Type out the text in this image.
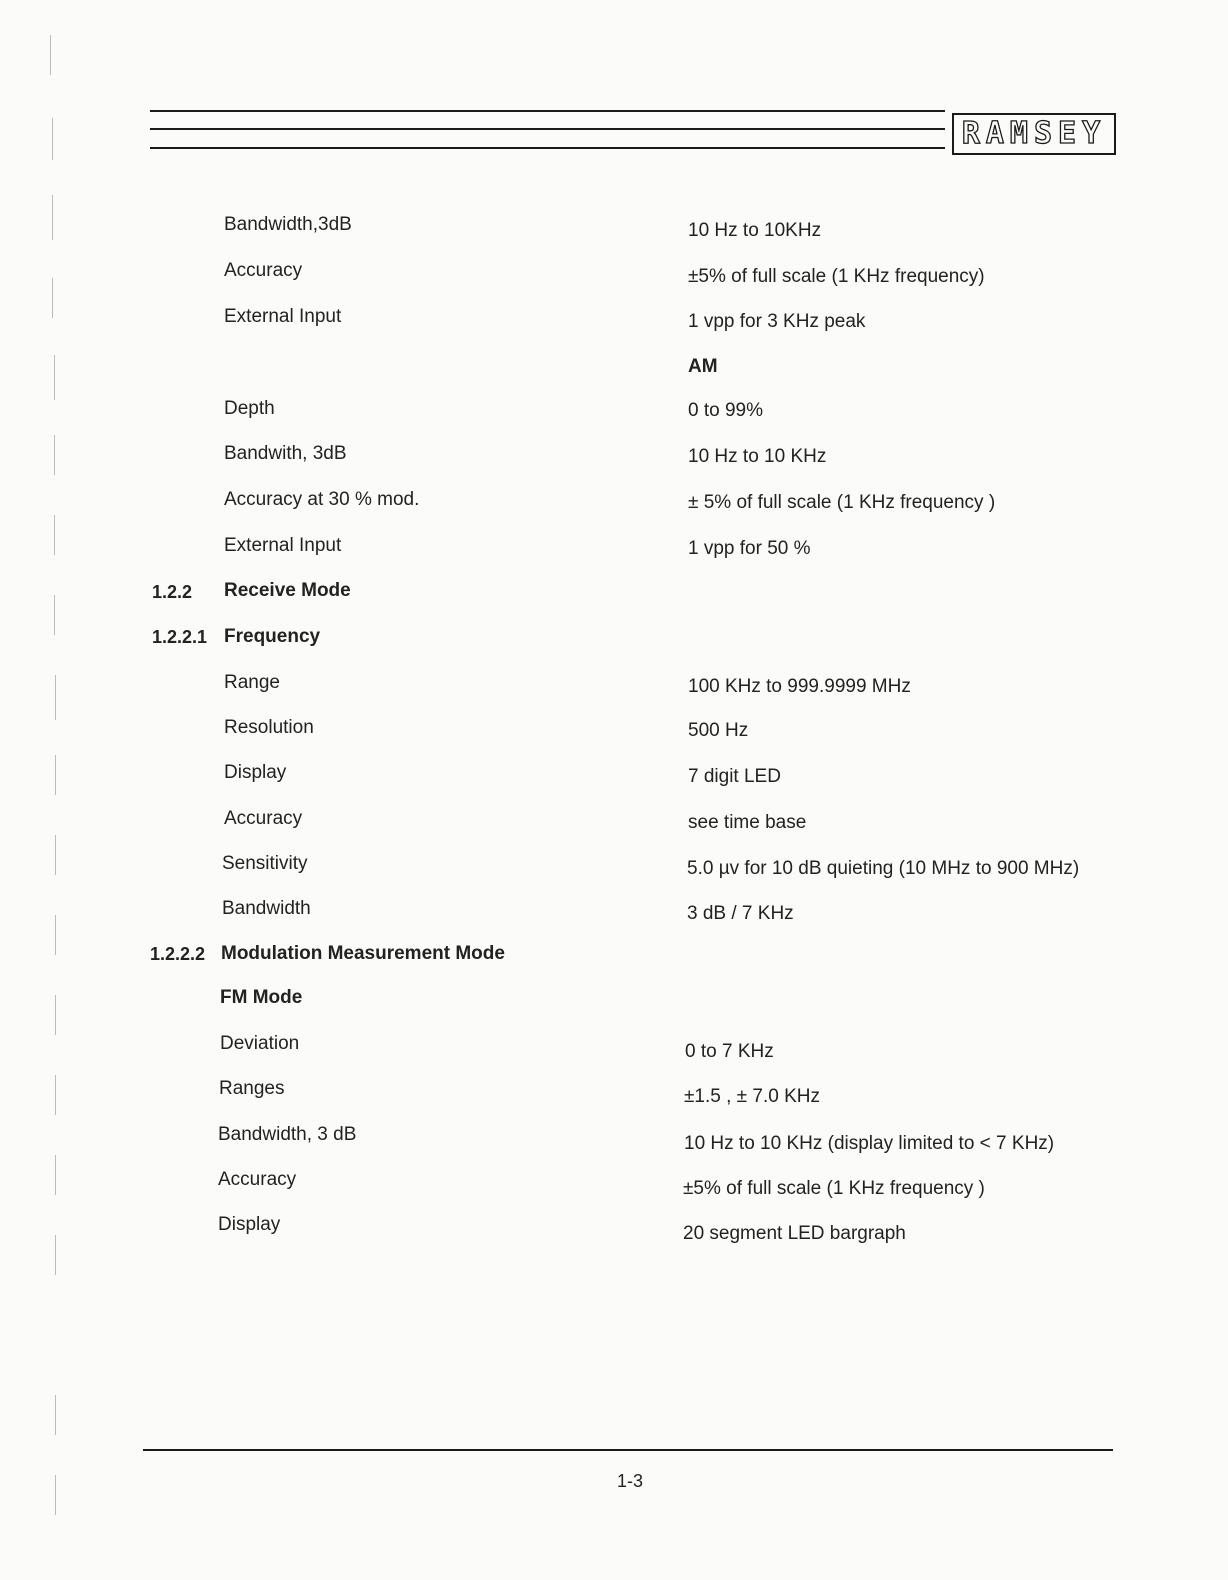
RAMSEY
Bandwidth,3dB	10 Hz to 10KHz
Accuracy	±5% of full scale (1 KHz frequency)
External Input	1 vpp for 3 KHz peak
AM
Depth	0 to 99%
Bandwith, 3dB	10 Hz to 10 KHz
Accuracy at 30 % mod.	± 5% of full scale (1 KHz frequency )
External Input	1 vpp for 50 %
1.2.2 Receive Mode
1.2.2.1 Frequency
Range	100 KHz to 999.9999 MHz
Resolution	500 Hz
Display	7 digit LED
Accuracy	see time base
Sensitivity	5.0 µv for 10 dB quieting (10 MHz to 900 MHz)
Bandwidth	3 dB / 7 KHz
1.2.2.2 Modulation Measurement Mode
FM Mode
Deviation	0 to 7 KHz
Ranges	±1.5 , ± 7.0 KHz
Bandwidth, 3 dB	10 Hz to 10 KHz (display limited to < 7 KHz)
Accuracy	±5% of full scale (1 KHz frequency )
Display	20 segment LED bargraph
1-3
